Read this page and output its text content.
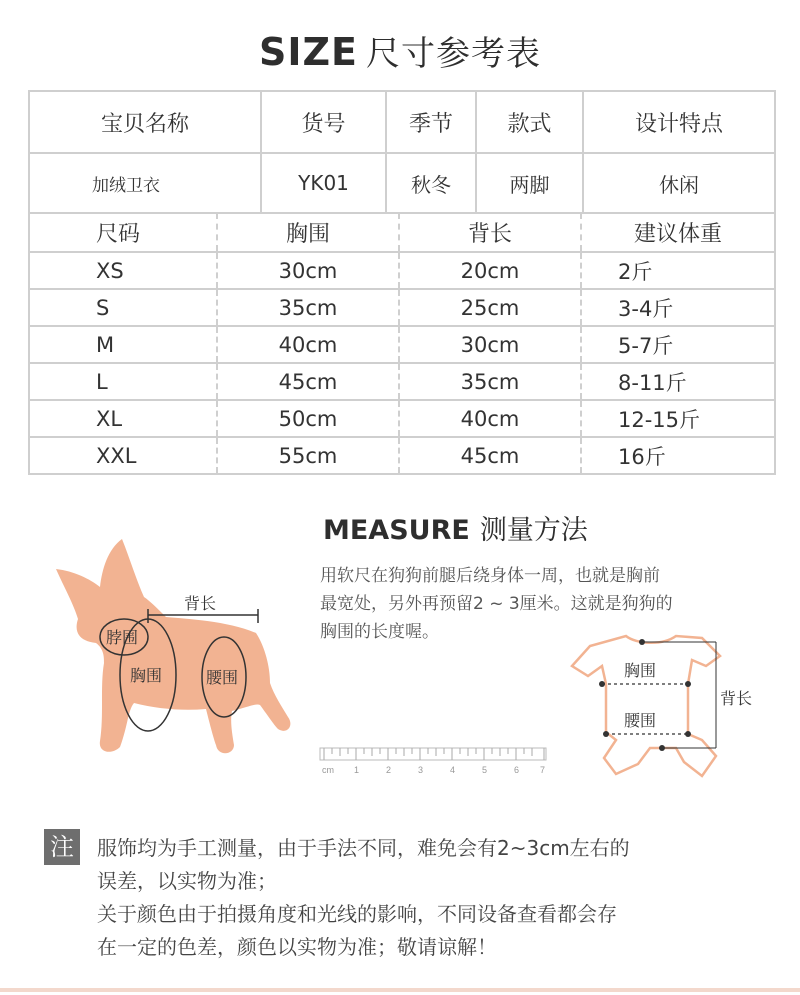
SIZE 尺寸参考表
宝贝名称	货号	季节	款式	设计特点
加绒卫衣	YK01	秋冬	两脚	休闲
尺码	胸围	背长	建议体重
XS	30cm	20cm	2斤
S	35cm	25cm	3-4斤
M	40cm	30cm	5-7斤
L	45cm	35cm	8-11斤
XL	50cm	40cm	12-15斤
XXL	55cm	45cm	16斤
背长
脖围
胸围	腰围
MEASURE 测量方法
用软尺在狗狗前腿后绕身体一周，也就是胸前
最宽处，另外再预留2 ~ 3厘米。这就是狗狗的
胸围的长度喔。
cm 1	2	3	4	5	6 7
胸围
腰围
背长
注	服饰均为手工测量，由于手法不同，难免会有2~3cm左右的
误差，以实物为准；
关于颜色由于拍摄角度和光线的影响，不同设备查看都会存
在一定的色差，颜色以实物为准；敬请谅解！
